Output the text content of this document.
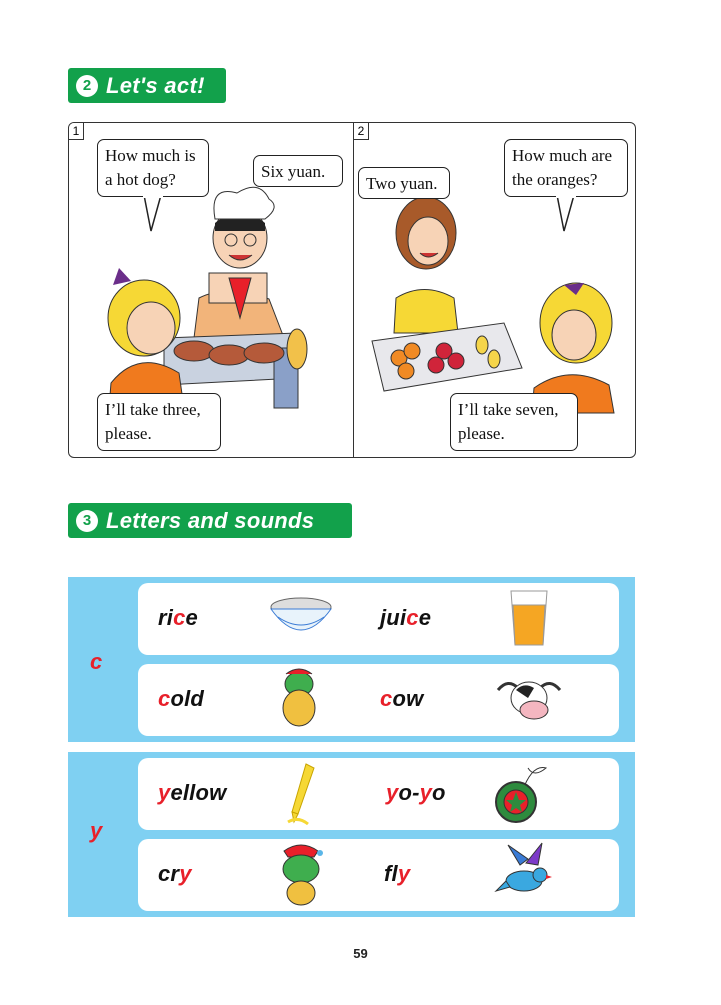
2 Let's act!
1
How much is
a hot dog?	Six yuan.
I’ll take three,
please.
2
Two yuan.
How much are
the oranges?
I’ll take seven,
please.
3 Letters and sounds
c
rice	juice
cold	cow
y
yellow	yo-yo
cry	fly
59
